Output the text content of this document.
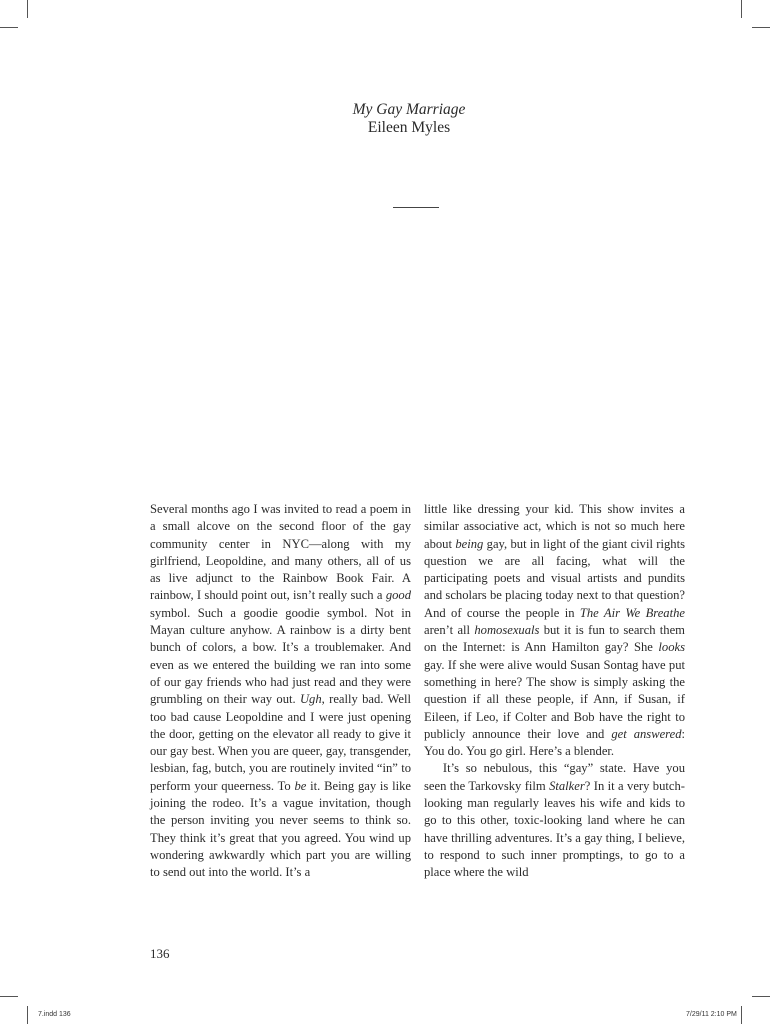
My Gay Marriage
Eileen Myles

Several months ago I was invited to read a poem in a small alcove on the second floor of the gay community center in NYC—along with my girlfriend, Leopoldine, and many others, all of us as live adjunct to the Rainbow Book Fair. A rainbow, I should point out, isn’t really such a good symbol. Such a goodie goodie symbol. Not in Mayan culture anyhow. A rainbow is a dirty bent bunch of colors, a bow. It’s a troublemaker. And even as we entered the building we ran into some of our gay friends who had just read and they were grumbling on their way out. Ugh, really bad. Well too bad cause Leopoldine and I were just opening the door, getting on the elevator all ready to give it our gay best. When you are queer, gay, transgender, lesbian, fag, butch, you are routinely invited “in” to perform your queerness. To be it. Being gay is like joining the rodeo. It’s a vague invitation, though the person inviting you never seems to think so. They think it’s great that you agreed. You wind up wondering awkwardly which part you are willing to send out into the world. It’s a

little like dressing your kid. This show invites a similar associative act, which is not so much here about being gay, but in light of the giant civil rights question we are all facing, what will the participating poets and visual artists and pundits and scholars be placing today next to that question? And of course the people in The Air We Breathe aren’t all homosexuals but it is fun to search them on the Internet: is Ann Hamilton gay? She looks gay. If she were alive would Susan Sontag have put something in here? The show is simply asking the question if all these people, if Ann, if Susan, if Eileen, if Leo, if Colter and Bob have the right to publicly announce their love and get answered: You do. You go girl. Here’s a blender.

It’s so nebulous, this “gay” state. Have you seen the Tarkovsky film Stalker? In it a very butch-looking man regularly leaves his wife and kids to go to this other, toxic-looking land where he can have thrilling adventures. It’s a gay thing, I believe, to respond to such inner promptings, to go to a place where the wild

136
7.indd 136	7/29/11 2:10 PM
